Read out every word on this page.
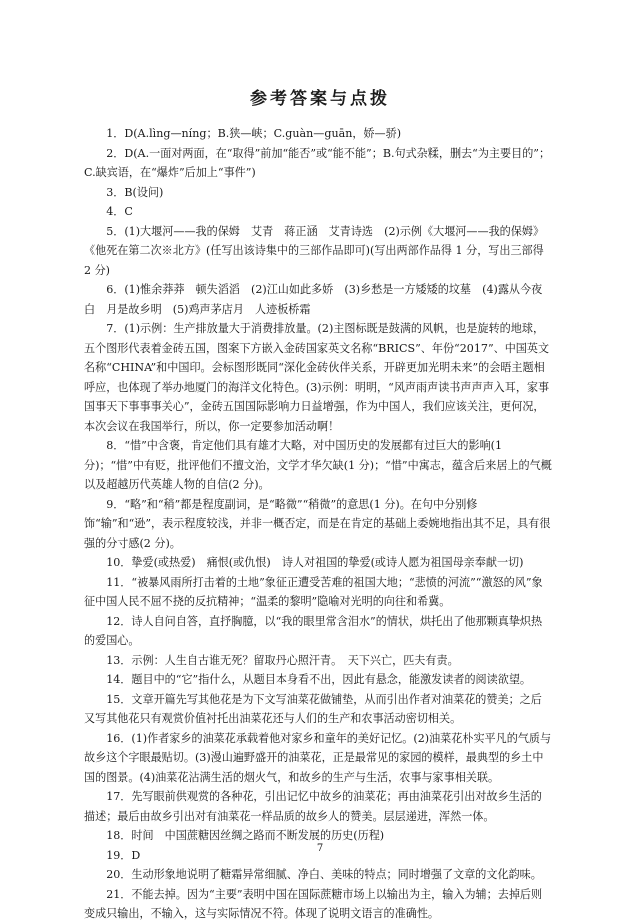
参考答案与点拨

1．D(A.lìng—níng；B.狭—峡；C.guàn—guān，娇—骄)

2．D(A.一面对两面，在“取得”前加“能否”或“能不能”；B.句式杂糅，删去“为主要目的”；C.缺宾语，在“爆炸”后加上“事件”)

3．B(设问)

4．C

5．(1)大堰河——我的保姆　艾青　蒋正涵　艾青诗选　(2)示例《大堰河——我的保姆》《他死在第二次※北方》(任写出该诗集中的三部作品即可)(写出两部作品得 1 分，写出三部得 2 分)

6．(1)惟余莽莽　顿失滔滔　(2)江山如此多娇　(3)乡愁是一方矮矮的坟墓　(4)露从今夜白　月是故乡明　(5)鸡声茅店月　人迹板桥霜

7．(1)示例：生产排放量大于消费排放量。(2)主图标既是鼓满的风帆，也是旋转的地球，五个图形代表着金砖五国，图案下方嵌入金砖国家英文名称“BRICS”、年份“2017”、中国英文名称“CHINA”和中国印。会标图形既同“深化金砖伙伴关系，开辟更加光明未来”的会晤主题相呼应，也体现了举办地厦门的海洋文化特色。(3)示例：明明，“风声雨声读书声声声入耳，家事国事天下事事事关心”，金砖五国国际影响力日益增强，作为中国人，我们应该关注，更何况，本次会议在我国举行，所以，你一定要参加活动啊！

8．“惜”中含褒，肯定他们具有雄才大略，对中国历史的发展都有过巨大的影响(1 分)；“惜”中有贬，批评他们不擅文治，文学才华欠缺(1 分)；“惜”中寓志，蕴含后来居上的气概以及超越历代英雄人物的自信(2 分)。

9．“略”和“稍”都是程度副词，是“略微”“稍微”的意思(1 分)。在句中分别修饰“输”和“逊”，表示程度较浅，并非一概否定，而是在肯定的基础上委婉地指出其不足，具有很强的分寸感(2 分)。

10．挚爱(或热爱)　痛恨(或仇恨)　诗人对祖国的挚爱(或诗人愿为祖国母亲奉献一切)

11．“被暴风雨所打击着的土地”象征正遭受苦难的祖国大地；“悲愤的河流”“激怒的风”象征中国人民不屈不挠的反抗精神；“温柔的黎明”隐喻对光明的向往和希冀。

12．诗人自问自答，直抒胸臆，以“我的眼里常含泪水”的情状，烘托出了他那颗真挚炽热的爱国心。

13．示例：人生自古谁无死？留取丹心照汗青。　天下兴亡，匹夫有责。

14．题目中的“它”指什么，从题目本身看不出，因此有悬念，能激发读者的阅读欲望。

15．文章开篇先写其他花是为下文写油菜花做铺垫，从而引出作者对油菜花的赞美；之后又写其他花只有观赏价值衬托出油菜花还与人们的生产和农事活动密切相关。

16．(1)作者家乡的油菜花承载着他对家乡和童年的美好记忆。(2)油菜花朴实平凡的气质与故乡这个字眼最贴切。(3)漫山遍野盛开的油菜花，正是最常见的家园的模样，最典型的乡土中国的图景。(4)油菜花沾满生活的烟火气，和故乡的生产与生活，农事与家事相关联。

17．先写眼前供观赏的各种花，引出记忆中故乡的油菜花；再由油菜花引出对故乡生活的描述；最后由故乡引出对有油菜花一样品质的故乡人的赞美。层层递进，浑然一体。

18．时间　中国蔗糖因丝绸之路而不断发展的历史(历程)

19．D

20．生动形象地说明了糖霜异常细腻、净白、美味的特点；同时增强了文章的文化韵味。

21．不能去掉。因为“主要”表明中国在国际蔗糖市场上以输出为主，输入为辅；去掉后则变成只输出，不输入，这与实际情况不符。体现了说明文语言的准确性。

7
